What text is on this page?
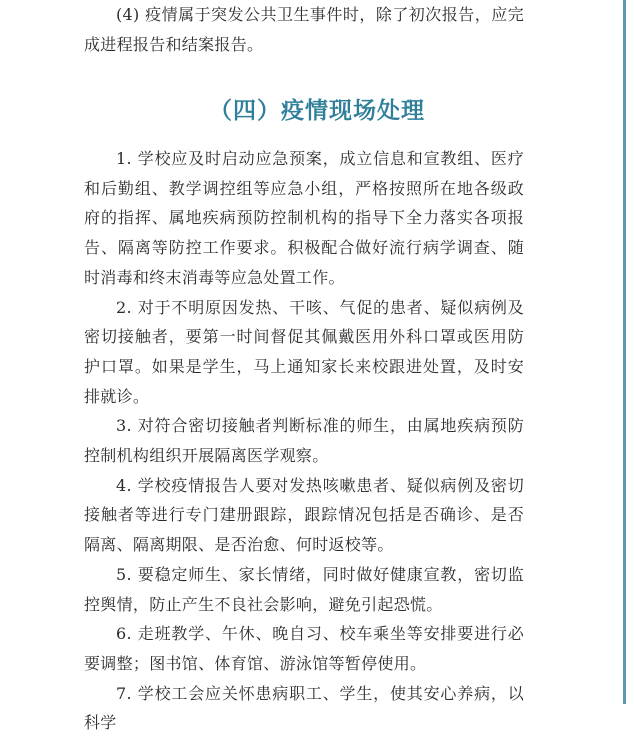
(4) 疫情属于突发公共卫生事件时，除了初次报告，应完成进程报告和结案报告。

（四）疫情现场处理

1. 学校应及时启动应急预案，成立信息和宣教组、医疗和后勤组、教学调控组等应急小组，严格按照所在地各级政府的指挥、属地疾病预防控制机构的指导下全力落实各项报告、隔离等防控工作要求。积极配合做好流行病学调查、随时消毒和终末消毒等应急处置工作。

2. 对于不明原因发热、干咳、气促的患者、疑似病例及密切接触者，要第一时间督促其佩戴医用外科口罩或医用防护口罩。如果是学生，马上通知家长来校跟进处置，及时安排就诊。

3. 对符合密切接触者判断标准的师生，由属地疾病预防控制机构组织开展隔离医学观察。

4. 学校疫情报告人要对发热咳嗽患者、疑似病例及密切接触者等进行专门建册跟踪，跟踪情况包括是否确诊、是否隔离、隔离期限、是否治愈、何时返校等。

5. 要稳定师生、家长情绪，同时做好健康宣教，密切监控舆情，防止产生不良社会影响，避免引起恐慌。

6. 走班教学、午休、晚自习、校车乘坐等安排要进行必要调整；图书馆、体育馆、游泳馆等暂停使用。

7. 学校工会应关怀患病职工、学生，使其安心养病，以科学
